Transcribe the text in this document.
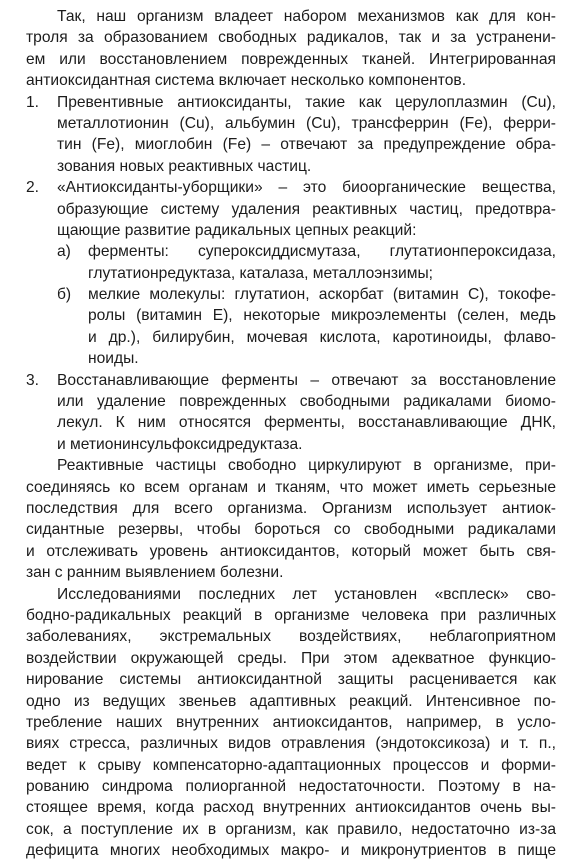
Так, наш организм владеет набором механизмов как для кон-
троля за образованием свободных радикалов, так и за устранени-
ем или восстановлением поврежденных тканей. Интегрированная
антиоксидантная система включает несколько компонентов.
1. Превентивные антиоксиданты, такие как церулоплазмин (Cu),
металлотионин (Cu), альбумин (Cu), трансферрин (Fe), ферри-
тин (Fe), миоглобин (Fe) – отвечают за предупреждение обра-
зования новых реактивных частиц.
2. «Антиоксиданты-уборщики» – это биоорганические вещества,
образующие систему удаления реактивных частиц, предотвра-
щающие развитие радикальных цепных реакций:
а) ферменты: супероксиддисмутаза, глутатионпероксидаза,
глутатионредуктаза, каталаза, металлоэнзимы;
б) мелкие молекулы: глутатион, аскорбат (витамин С), токофе-
ролы (витамин Е), некоторые микроэлементы (селен, медь
и др.), билирубин, мочевая кислота, каротиноиды, флаво-
ноиды.
3. Восстанавливающие ферменты – отвечают за восстановление
или удаление поврежденных свободными радикалами биомо-
лекул. К ним относятся ферменты, восстанавливающие ДНК,
и метионинсульфоксидредуктаза.
Реактивные частицы свободно циркулируют в организме, при-
соединяясь ко всем органам и тканям, что может иметь серьезные
последствия для всего организма. Организм использует антиок-
сидантные резервы, чтобы бороться со свободными радикалами
и отслеживать уровень антиоксидантов, который может быть свя-
зан с ранним выявлением болезни.
Исследованиями последних лет установлен «всплеск» сво-
бодно-радикальных реакций в организме человека при различных
заболеваниях, экстремальных воздействиях, неблагоприятном
воздействии окружающей среды. При этом адекватное функцио-
нирование системы антиоксидантной защиты расценивается как
одно из ведущих звеньев адаптивных реакций. Интенсивное по-
требление наших внутренних антиоксидантов, например, в усло-
виях стресса, различных видов отравления (эндотоксикоза) и т. п.,
ведет к срыву компенсаторно-адаптационных процессов и форми-
рованию синдрома полиорганной недостаточности. Поэтому в на-
стоящее время, когда расход внутренних антиоксидантов очень вы-
сок, а поступление их в организм, как правило, недостаточно из-за
дефицита многих необходимых макро- и микронутриентов в пище
